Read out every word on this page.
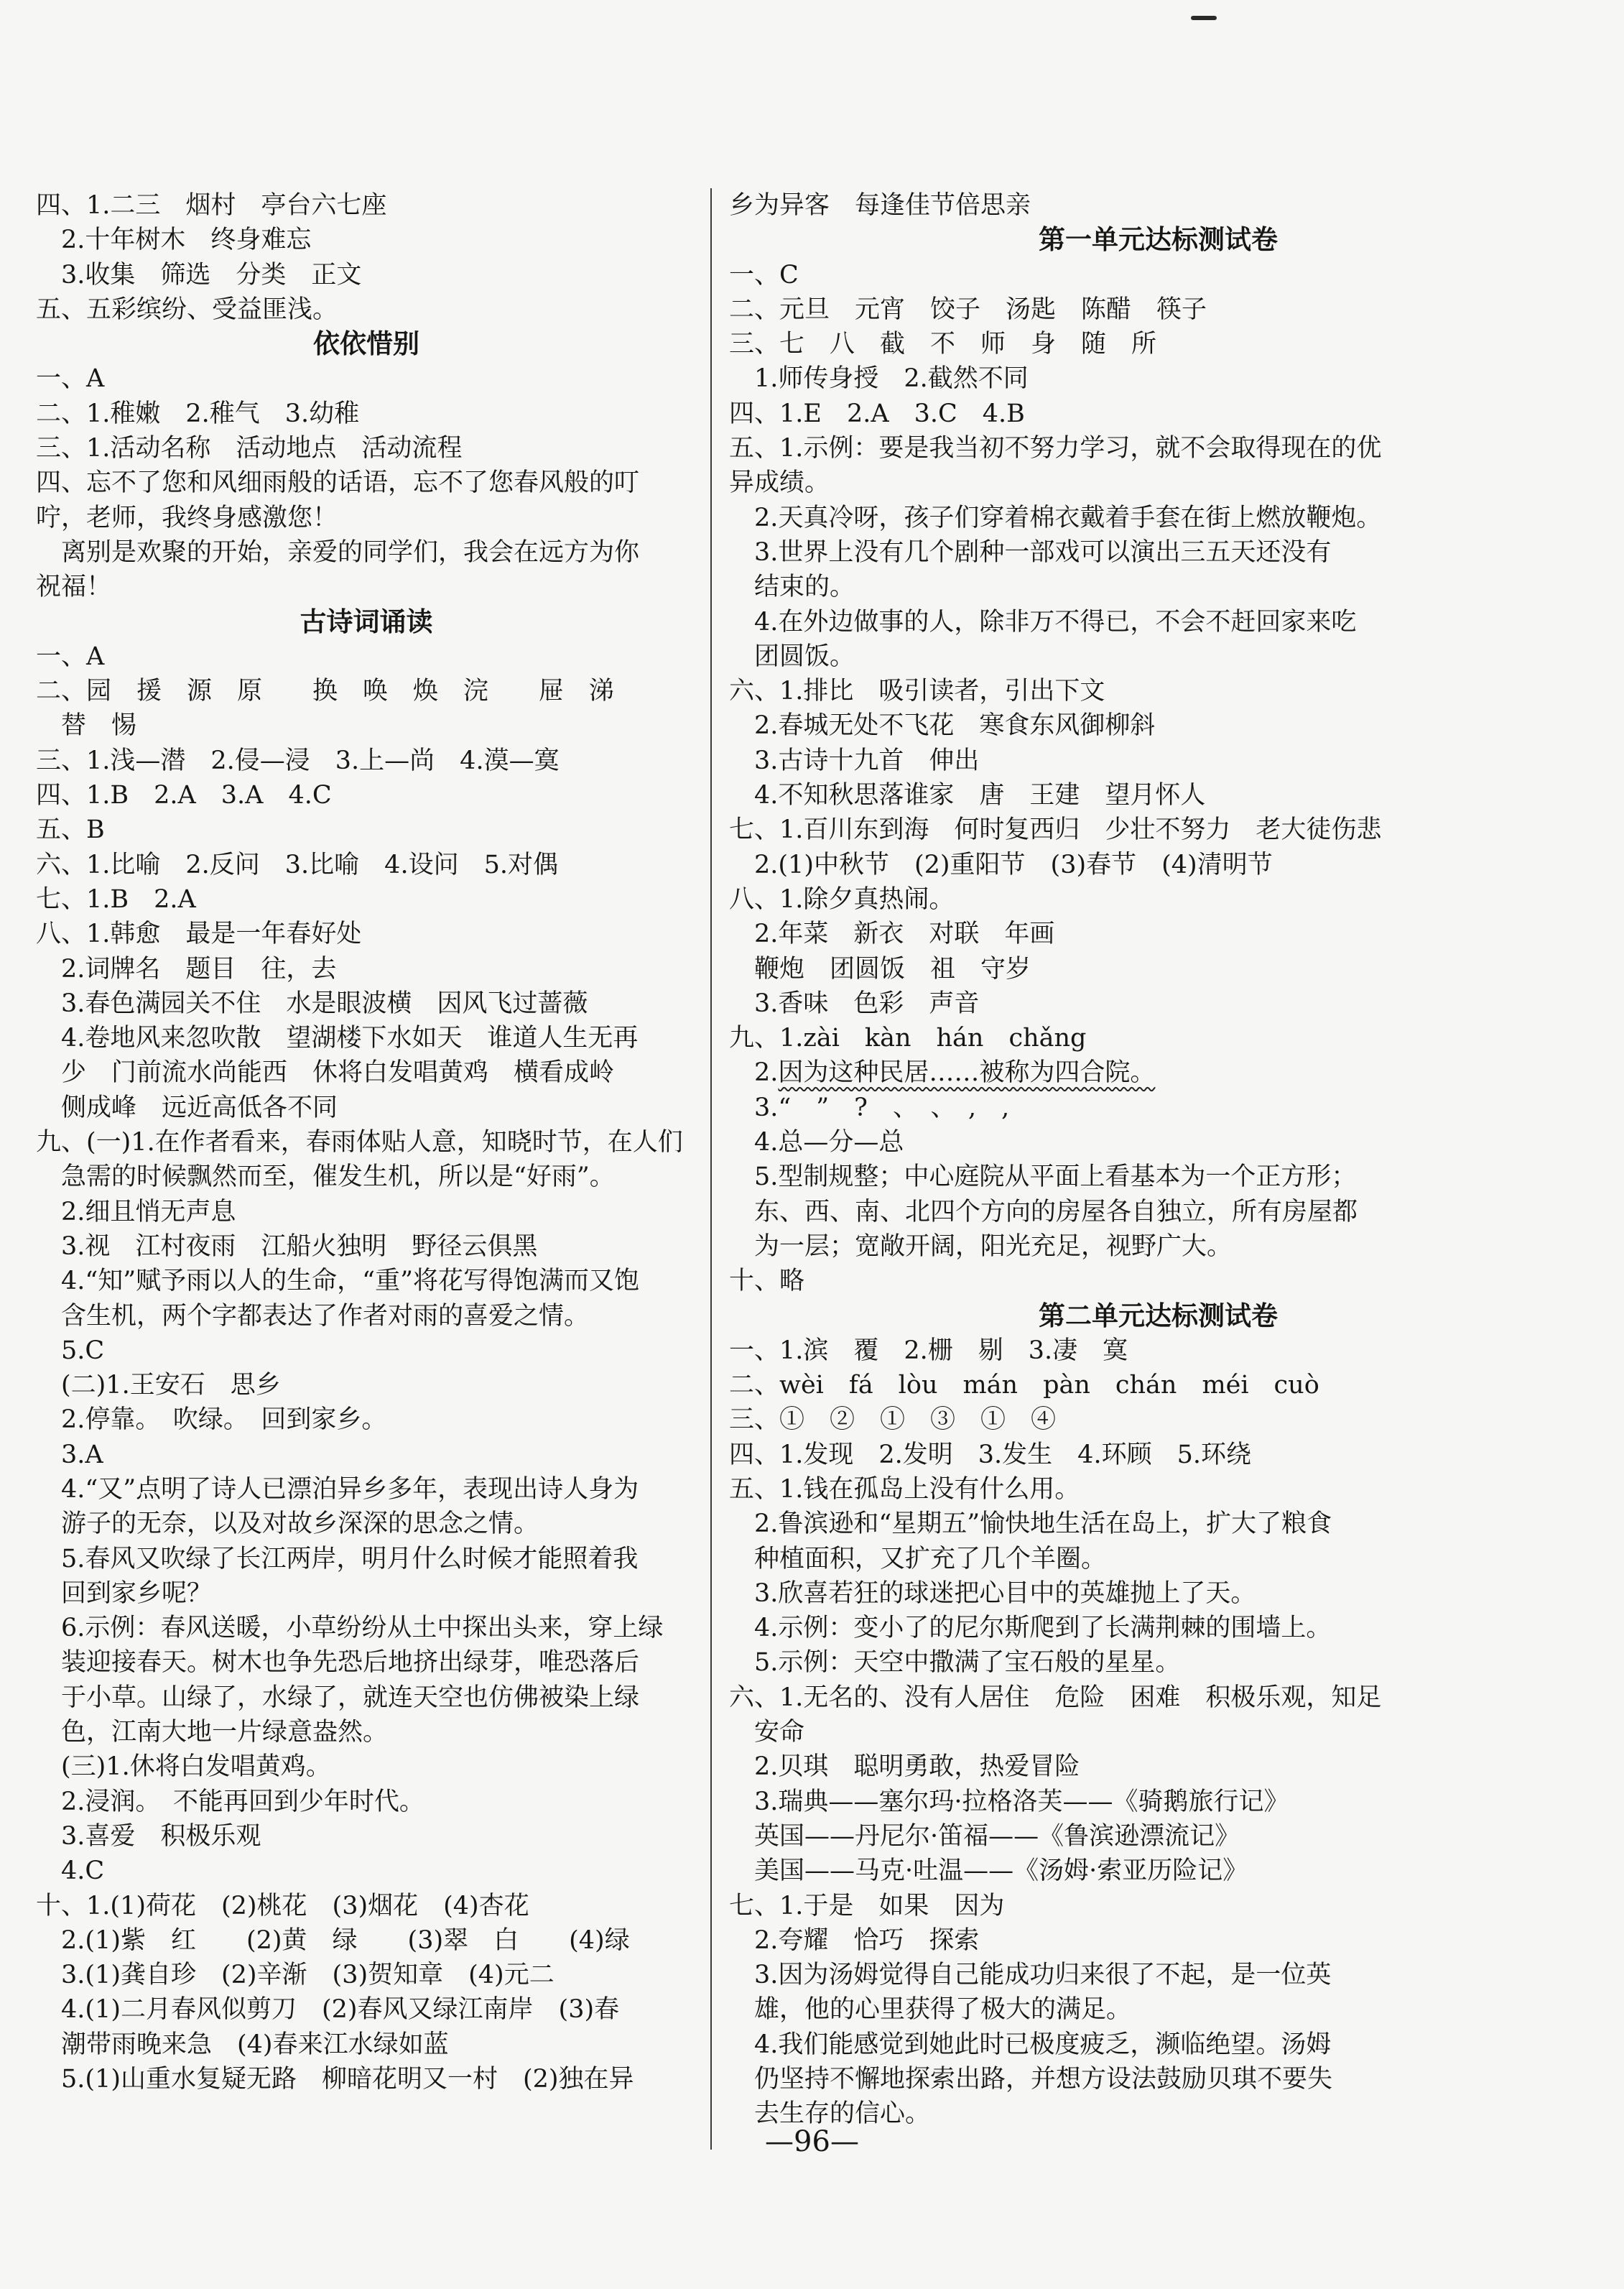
四、1.二三　烟村　亭台六七座
　2.十年树木　终身难忘
　3.收集　筛选　分类　正文
五、五彩缤纷、受益匪浅。
依依惜别
一、A
二、1.稚嫩　2.稚气　3.幼稚
三、1.活动名称　活动地点　活动流程
四、忘不了您和风细雨般的话语，忘不了您春风般的叮
咛，老师，我终身感激您！
　离别是欢聚的开始，亲爱的同学们，我会在远方为你
祝福！
古诗词诵读
一、A
二、园　援　源　原　　换　唤　焕　浣　　屉　涕
　替　惕
三、1.浅—潜　2.侵—浸　3.上—尚　4.漠—寞
四、1.B　2.A　3.A　4.C
五、B
六、1.比喻　2.反问　3.比喻　4.设问　5.对偶
七、1.B　2.A
八、1.韩愈　最是一年春好处
　2.词牌名　题目　往，去
　3.春色满园关不住　水是眼波横　因风飞过蔷薇
　4.卷地风来忽吹散　望湖楼下水如天　谁道人生无再
　少　门前流水尚能西　休将白发唱黄鸡　横看成岭
　侧成峰　远近高低各不同
九、(一)1.在作者看来，春雨体贴人意，知晓时节，在人们
　急需的时候飘然而至，催发生机，所以是“好雨”。
　2.细且悄无声息
　3.视　江村夜雨　江船火独明　野径云俱黑
　4.“知”赋予雨以人的生命，“重”将花写得饱满而又饱
　含生机，两个字都表达了作者对雨的喜爱之情。
　5.C
　(二)1.王安石　思乡
　2.停靠。　吹绿。　回到家乡。
　3.A
　4.“又”点明了诗人已漂泊异乡多年，表现出诗人身为
　游子的无奈，以及对故乡深深的思念之情。
　5.春风又吹绿了长江两岸，明月什么时候才能照着我
　回到家乡呢？
　6.示例：春风送暖，小草纷纷从土中探出头来，穿上绿
　装迎接春天。树木也争先恐后地挤出绿芽，唯恐落后
　于小草。山绿了，水绿了，就连天空也仿佛被染上绿
　色，江南大地一片绿意盎然。
　(三)1.休将白发唱黄鸡。
　2.浸润。　不能再回到少年时代。
　3.喜爱　积极乐观
　4.C
十、1.(1)荷花　(2)桃花　(3)烟花　(4)杏花
　2.(1)紫　红　　(2)黄　绿　　(3)翠　白　　(4)绿
　3.(1)龚自珍　(2)辛渐　(3)贺知章　(4)元二
　4.(1)二月春风似剪刀　(2)春风又绿江南岸　(3)春
　潮带雨晚来急　(4)春来江水绿如蓝
　5.(1)山重水复疑无路　柳暗花明又一村　(2)独在异
乡为异客　每逢佳节倍思亲
第一单元达标测试卷
一、C
二、元旦　元宵　饺子　汤匙　陈醋　筷子
三、七　八　截　不　师　身　随　所
　1.师传身授　2.截然不同
四、1.E　2.A　3.C　4.B
五、1.示例：要是我当初不努力学习，就不会取得现在的优
异成绩。
　2.天真冷呀，孩子们穿着棉衣戴着手套在街上燃放鞭炮。
　3.世界上没有几个剧种一部戏可以演出三五天还没有
　结束的。
　4.在外边做事的人，除非万不得已，不会不赶回家来吃
　团圆饭。
六、1.排比　吸引读者，引出下文
　2.春城无处不飞花　寒食东风御柳斜
　3.古诗十九首　伸出
　4.不知秋思落谁家　唐　王建　望月怀人
七、1.百川东到海　何时复西归　少壮不努力　老大徒伤悲
　2.(1)中秋节　(2)重阳节　(3)春节　(4)清明节
八、1.除夕真热闹。
　2.年菜　新衣　对联　年画
　鞭炮　团圆饭　祖　守岁
　3.香味　色彩　声音
九、1.zài　kàn　hán　chǎng
　2.因为这种民居……被称为四合院。
　3.“　”　?　、　、　,　,
　4.总—分—总
　5.型制规整；中心庭院从平面上看基本为一个正方形；
　东、西、南、北四个方向的房屋各自独立，所有房屋都
　为一层；宽敞开阔，阳光充足，视野广大。
十、略
第二单元达标测试卷
一、1.滨　覆　2.栅　剔　3.凄　寞
二、wèi　fá　lòu　mán　pàn　chán　méi　cuò
三、①　②　①　③　①　④
四、1.发现　2.发明　3.发生　4.环顾　5.环绕
五、1.钱在孤岛上没有什么用。
　2.鲁滨逊和“星期五”愉快地生活在岛上，扩大了粮食
　种植面积，又扩充了几个羊圈。
　3.欣喜若狂的球迷把心目中的英雄抛上了天。
　4.示例：变小了的尼尔斯爬到了长满荆棘的围墙上。
　5.示例：天空中撒满了宝石般的星星。
六、1.无名的、没有人居住　危险　困难　积极乐观，知足
　安命
　2.贝琪　聪明勇敢，热爱冒险
　3.瑞典——塞尔玛·拉格洛芙——《骑鹅旅行记》
　英国——丹尼尔·笛福——《鲁滨逊漂流记》
　美国——马克·吐温——《汤姆·索亚历险记》
七、1.于是　如果　因为
　2.夸耀　恰巧　探索
　3.因为汤姆觉得自己能成功归来很了不起，是一位英
　雄，他的心里获得了极大的满足。
　4.我们能感觉到她此时已极度疲乏，濒临绝望。汤姆
　仍坚持不懈地探索出路，并想方设法鼓励贝琪不要失
　去生存的信心。
—96—
